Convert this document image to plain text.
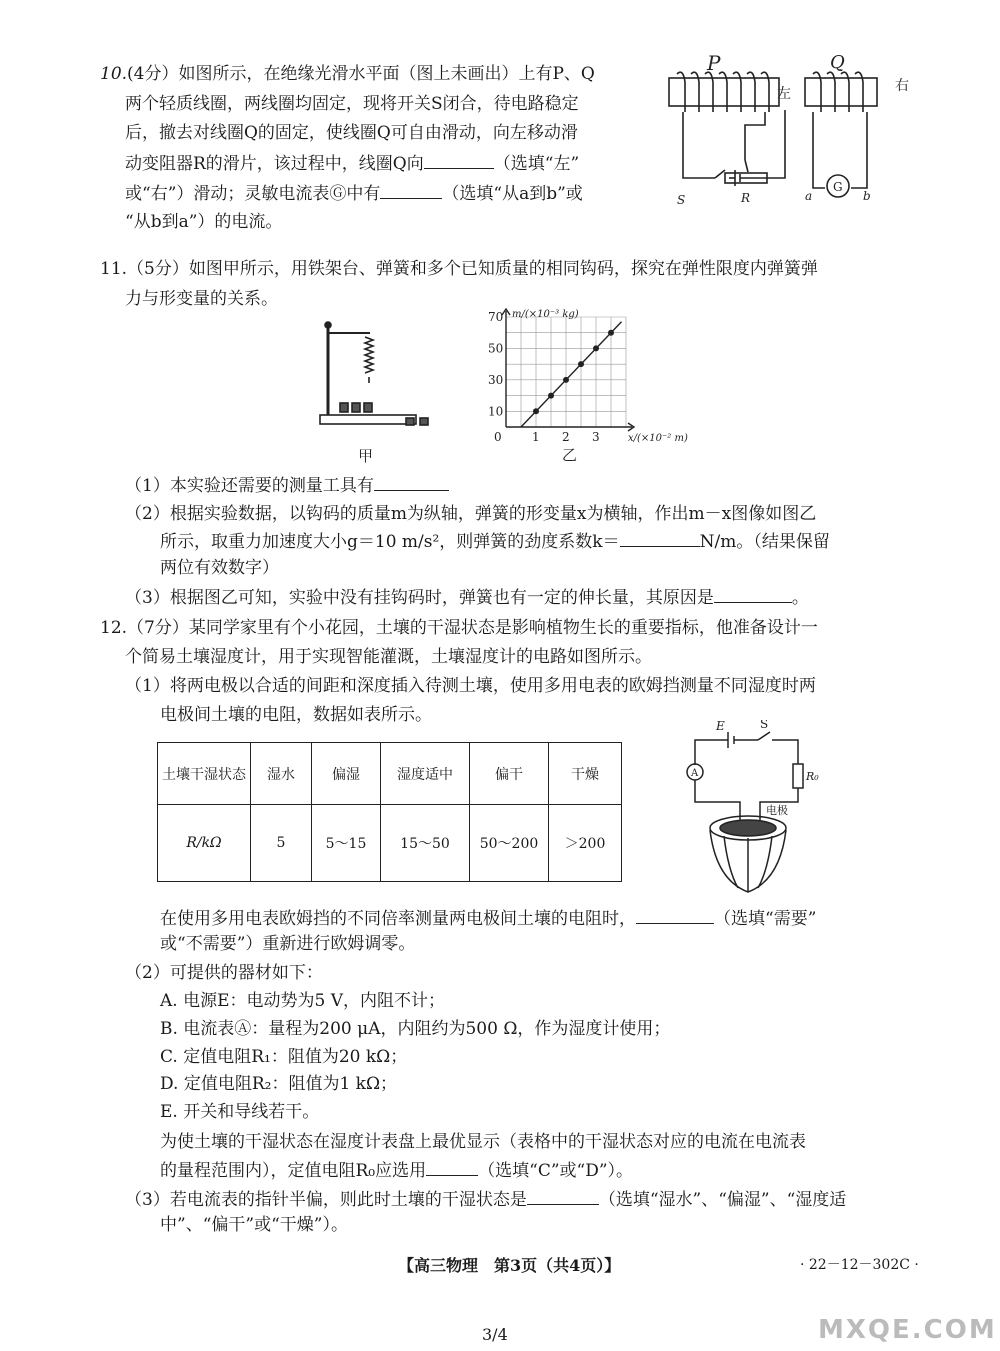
10.(4分）如图所示，在绝缘光滑水平面（图上未画出）上有P、Q
两个轻质线圈，两线圈均固定，现将开关S闭合，待电路稳定
后，撤去对线圈Q的固定，使线圈Q可自由滑动，向左移动滑
动变阻器R的滑片，该过程中，线圈Q向	（选填“左”
或“右”）滑动；灵敏电流表Ⓖ中有	（选填“从a到b”或
“从b到a”）的电流。
P	Q
左	右
S	R
G
a	b
11.（5分）如图甲所示，用铁架台、弹簧和多个已知质量的相同钩码，探究在弹性限度内弹簧弹
力与形变量的关系。
甲
1 2 3
10
30
50
70 m/(×10⁻³ kg)
x/(×10⁻² m)
0
乙
（1）本实验还需要的测量工具有
（2）根据实验数据，以钩码的质量m为纵轴，弹簧的形变量x为横轴，作出m－x图像如图乙
所示，取重力加速度大小g＝10 m/s²，则弹簧的劲度系数k＝	N/m。（结果保留
两位有效数字）
（3）根据图乙可知，实验中没有挂钩码时，弹簧也有一定的伸长量，其原因是	。
12.（7分）某同学家里有个小花园，土壤的干湿状态是影响植物生长的重要指标，他准备设计一
个简易土壤湿度计，用于实现智能灌溉，土壤湿度计的电路如图所示。
（1）将两电极以合适的间距和深度插入待测土壤，使用多用电表的欧姆挡测量不同湿度时两
电极间土壤的电阻，数据如表所示。
土壤干湿状态	湿水	偏湿	湿度适中	偏干	干燥
R/kΩ	5	5～15	15～50	50～200	＞200
E	S
A	R₀
电极
在使用多用电表欧姆挡的不同倍率测量两电极间土壤的电阻时，	（选填“需要”
或“不需要”）重新进行欧姆调零。
（2）可提供的器材如下：
A. 电源E：电动势为5 V，内阻不计；
B. 电流表Ⓐ：量程为200 μA，内阻约为500 Ω，作为湿度计使用；
C. 定值电阻R₁：阻值为20 kΩ；
D. 定值电阻R₂：阻值为1 kΩ；
E. 开关和导线若干。
为使土壤的干湿状态在湿度计表盘上最优显示（表格中的干湿状态对应的电流在电流表
的量程范围内），定值电阻R₀应选用	（选填“C”或“D”）。
（3）若电流表的指针半偏，则此时土壤的干湿状态是	（选填“湿水”、“偏湿”、“湿度适
中”、“偏干”或“干燥”）。
【高三物理　第3页（共4页）】	· 22－12－302C ·
3/4	MXQE.COM
